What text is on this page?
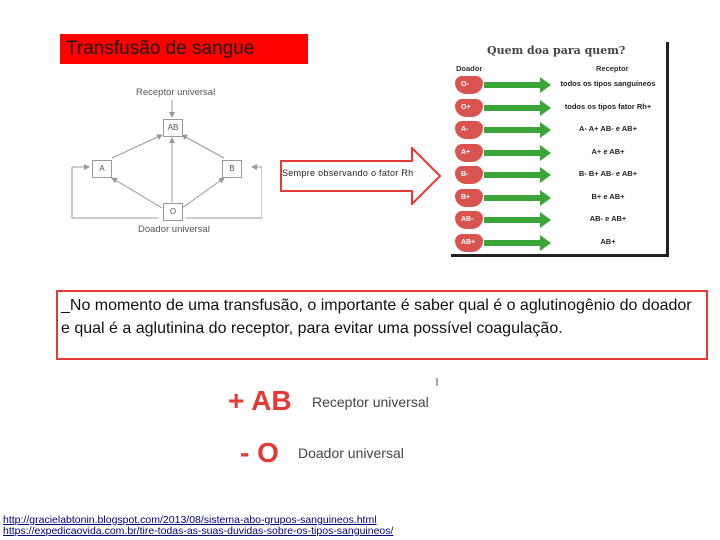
Transfusão de sangue
Receptor universal
AB
A	B
O
Doador universal
Sempre observando o fator Rh
Quem doa para quem?
Doador	Receptor
O-	todos os tipos sanguíneos
O+	todos os tipos fator Rh+
A-	A- A+ AB- e AB+
A+	A+ e AB+
B-	B- B+ AB- e AB+
B+	B+ e AB+
AB-	AB- e AB+
AB+	AB+
_No momento de uma transfusão, o importante é saber qual é o aglutinogênio do doador e qual é a aglutinina do receptor, para evitar uma possível coagulação.
+ AB Receptor universal
- O Doador universal
http://gracielabtonin.blogspot.com/2013/08/sistema-abo-grupos-sanguineos.html
https://expedicaovida.com.br/tire-todas-as-suas-duvidas-sobre-os-tipos-sanguineos/
